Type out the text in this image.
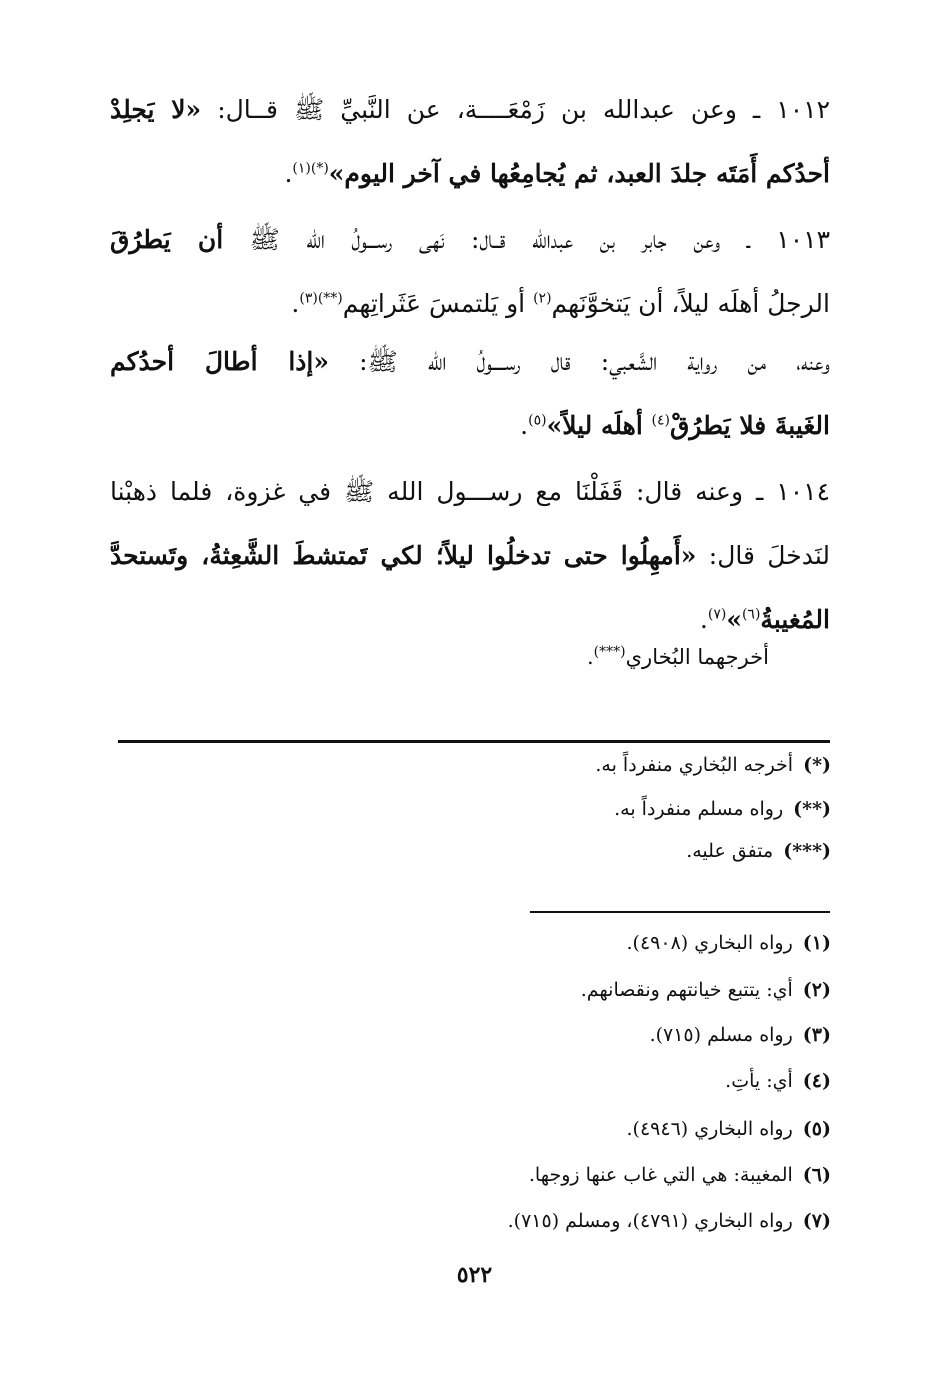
١٠١٢ ـ وعن عبدالله بن زَمْعَــــة، عن النَّبيِّ ﷺ قــال: «لا يَجلِدْ
أحدُكم أَمَتَه جلدَ العبد، ثم يُجامِعُها في آخر اليوم»$^{(*)(١)}$.
١٠١٣ ـ وعن جابر بن عبدالله قــال: نَهى رســـولُ الله ﷺ أن يَطرُقَ
الرجلُ أهلَه ليلاً، أن يَتخوَّنَهم$^{(٢)}$ أو يَلتمسَ عَثَراتِهم$^{(**)(٣)}$.
وعنه، من رواية الشَّعبي: قال رســــولُ الله ﷺ: «إذا أطالَ أحدُكم
الغَيبةَ فلا يَطرُقْ$^{(٤)}$ أهلَه ليلاً»$^{(٥)}$.
١٠١٤ ـ وعنه قال: قَفَلْنَا مع رســـول الله ﷺ في غزوة، فلما ذهبْنا
لنَدخلَ قال: «أَمهِلُوا حتى تدخلُوا ليلاً؛ لكي تَمتشطَ الشَّعِثةُ، وتَستحدَّ
المُغيبةُ$^{(٦)}$»$^{(٧)}$.
أخرجهما البُخاري(***).
(*)أخرجه البُخاري منفرداً به.
(**)رواه مسلم منفرداً به.
(***)متفق عليه.
(١)رواه البخاري (٤٩٠٨).
(٢)أي: يتتبع خيانتهم ونقصانهم.
(٣)رواه مسلم (٧١٥).
(٤)أي: يأتِ.
(٥)رواه البخاري (٤٩٤٦).
(٦)المغيبة: هي التي غاب عنها زوجها.
(٧)رواه البخاري (٤٧٩١)، ومسلم (٧١٥).
٥٢٢
